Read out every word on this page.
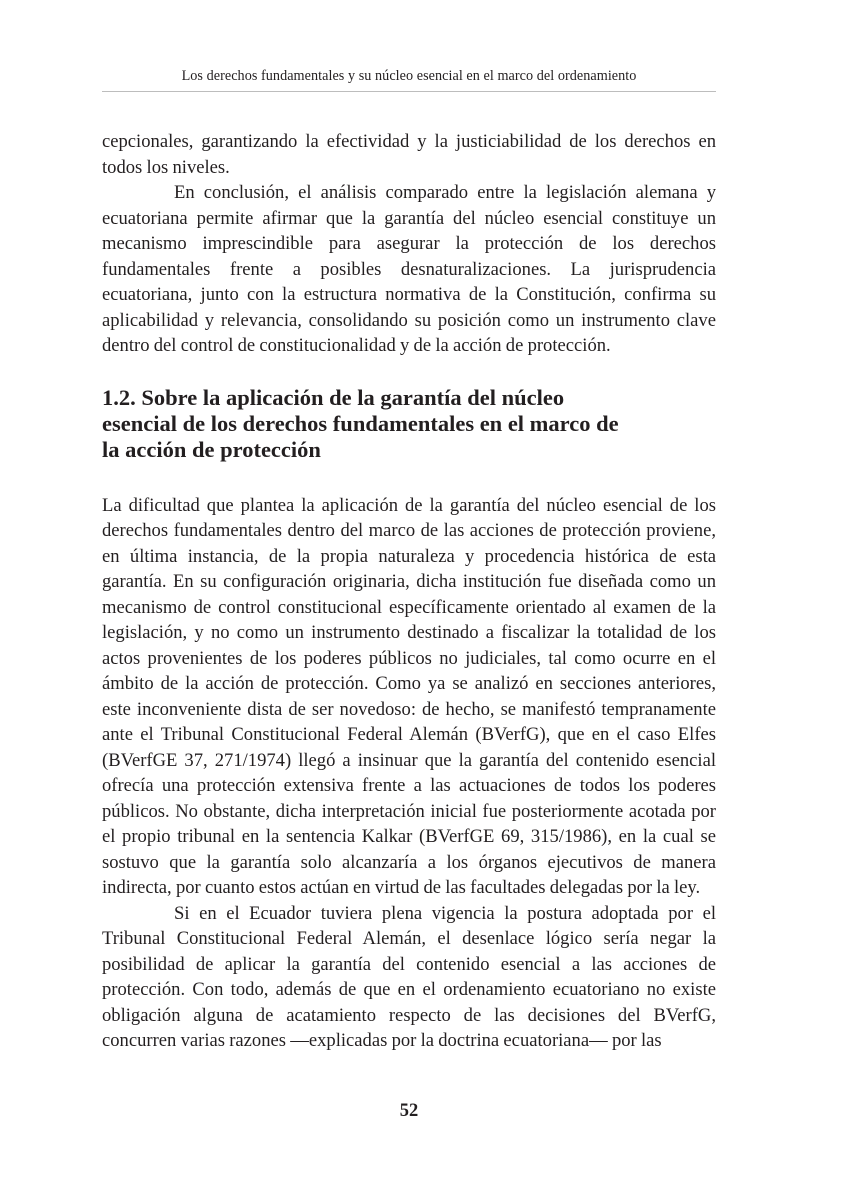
Los derechos fundamentales y su núcleo esencial en el marco del ordenamiento

cepcionales, garantizando la efectividad y la justiciabilidad de los derechos en todos los niveles.

En conclusión, el análisis comparado entre la legislación alemana y ecuatoriana permite afirmar que la garantía del núcleo esencial constituye un mecanismo imprescindible para asegurar la protección de los derechos fundamentales frente a posibles desnaturalizaciones. La jurisprudencia ecuatoriana, junto con la estructura normativa de la Constitución, confirma su aplicabilidad y relevancia, consolidando su posición como un instrumento clave dentro del control de constitucionalidad y de la acción de protección.

1.2. Sobre la aplicación de la garantía del núcleo esencial de los derechos fundamentales en el marco de la acción de protección

La dificultad que plantea la aplicación de la garantía del núcleo esencial de los derechos fundamentales dentro del marco de las acciones de protección proviene, en última instancia, de la propia naturaleza y procedencia histórica de esta garantía. En su configuración originaria, dicha institución fue diseñada como un mecanismo de control constitucional específicamente orientado al examen de la legislación, y no como un instrumento destinado a fiscalizar la totalidad de los actos provenientes de los poderes públicos no judiciales, tal como ocurre en el ámbito de la acción de protección. Como ya se analizó en secciones anteriores, este inconveniente dista de ser novedoso: de hecho, se manifestó tempranamente ante el Tribunal Constitucional Federal Alemán (BVerfG), que en el caso Elfes (BVerfGE 37, 271/1974) llegó a insinuar que la garantía del contenido esencial ofrecía una protección extensiva frente a las actuaciones de todos los poderes públicos. No obstante, dicha interpretación inicial fue posteriormente acotada por el propio tribunal en la sentencia Kalkar (BVerfGE 69, 315/1986), en la cual se sostuvo que la garantía solo alcanzaría a los órganos ejecutivos de manera indirecta, por cuanto estos actúan en virtud de las facultades delegadas por la ley.

Si en el Ecuador tuviera plena vigencia la postura adoptada por el Tribunal Constitucional Federal Alemán, el desenlace lógico sería negar la posibilidad de aplicar la garantía del contenido esencial a las acciones de protección. Con todo, además de que en el ordenamiento ecuatoriano no existe obligación alguna de acatamiento respecto de las decisiones del BVerfG, concurren varias razones —explicadas por la doctrina ecuatoriana— por las

52
